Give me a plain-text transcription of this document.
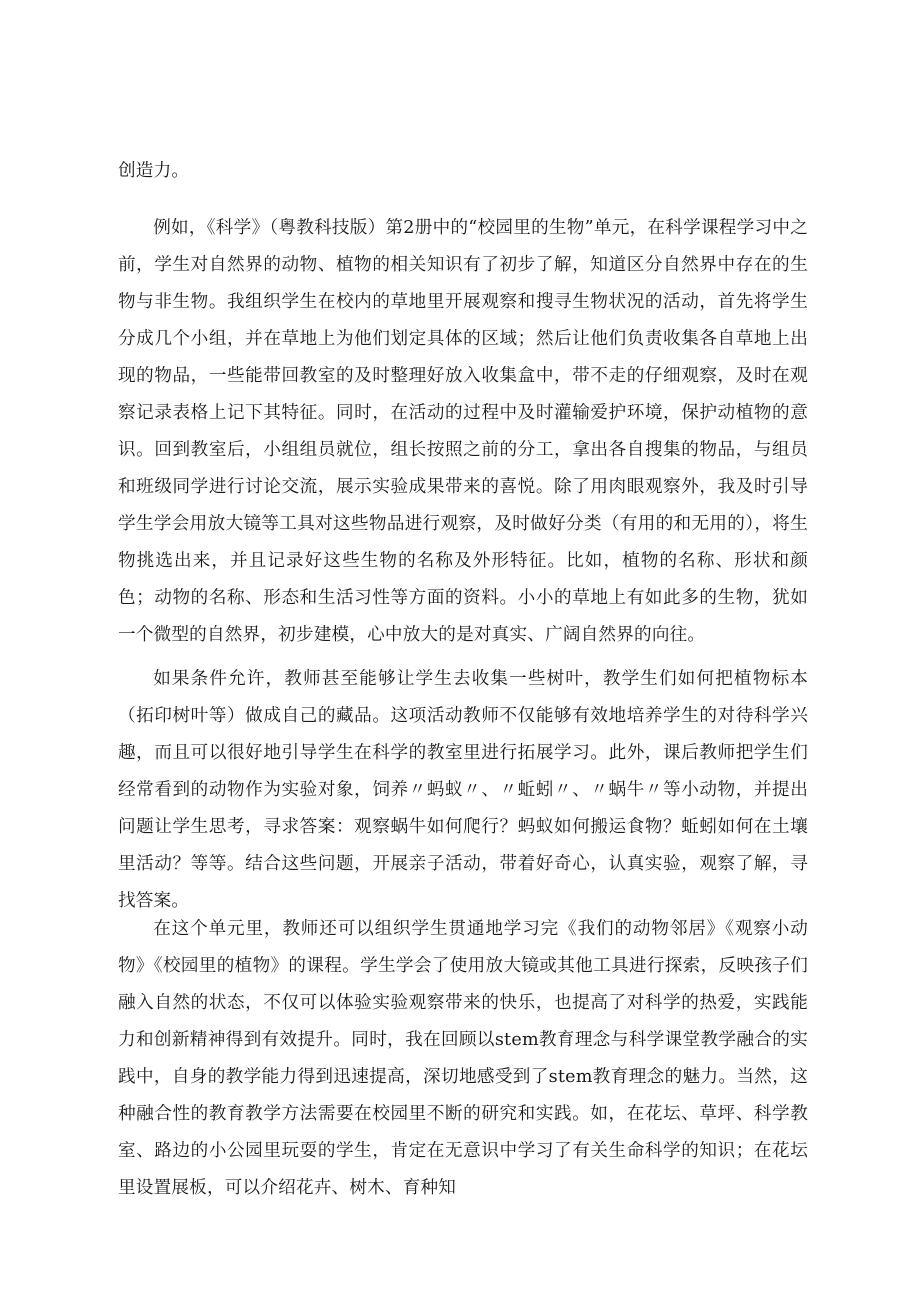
创造力。

例如，《科学》（粤教科技版）第2册中的“校园里的生物”单元，在科学课程学习中之前，学生对自然界的动物、植物的相关知识有了初步了解，知道区分自然界中存在的生物与非生物。我组织学生在校内的草地里开展观察和搜寻生物状况的活动，首先将学生分成几个小组，并在草地上为他们划定具体的区域；然后让他们负责收集各自草地上出现的物品，一些能带回教室的及时整理好放入收集盒中，带不走的仔细观察，及时在观察记录表格上记下其特征。同时，在活动的过程中及时灌输爱护环境，保护动植物的意识。回到教室后，小组组员就位，组长按照之前的分工，拿出各自搜集的物品，与组员和班级同学进行讨论交流，展示实验成果带来的喜悦。除了用肉眼观察外，我及时引导学生学会用放大镜等工具对这些物品进行观察，及时做好分类（有用的和无用的），将生物挑选出来，并且记录好这些生物的名称及外形特征。比如，植物的名称、形状和颜色；动物的名称、形态和生活习性等方面的资料。小小的草地上有如此多的生物，犹如一个微型的自然界，初步建模，心中放大的是对真实、广阔自然界的向往。

如果条件允许，教师甚至能够让学生去收集一些树叶，教学生们如何把植物标本（拓印树叶等）做成自己的藏品。这项活动教师不仅能够有效地培养学生的对待科学兴趣，而且可以很好地引导学生在科学的教室里进行拓展学习。此外，课后教师把学生们经常看到的动物作为实验对象，饲养〃蚂蚁〃、〃蚯蚓〃、〃蜗牛〃等小动物，并提出问题让学生思考，寻求答案：观察蜗牛如何爬行？蚂蚁如何搬运食物？蚯蚓如何在土壤里活动？等等。结合这些问题，开展亲子活动，带着好奇心，认真实验，观察了解，寻找答案。

在这个单元里，教师还可以组织学生贯通地学习完《我们的动物邻居》《观察小动物》《校园里的植物》的课程。学生学会了使用放大镜或其他工具进行探索，反映孩子们融入自然的状态，不仅可以体验实验观察带来的快乐，也提高了对科学的热爱，实践能力和创新精神得到有效提升。同时，我在回顾以stem教育理念与科学课堂教学融合的实践中，自身的教学能力得到迅速提高，深切地感受到了stem教育理念的魅力。当然，这种融合性的教育教学方法需要在校园里不断的研究和实践。如，在花坛、草坪、科学教室、路边的小公园里玩耍的学生，肯定在无意识中学习了有关生命科学的知识；在花坛里设置展板，可以介绍花卉、树木、育种知
